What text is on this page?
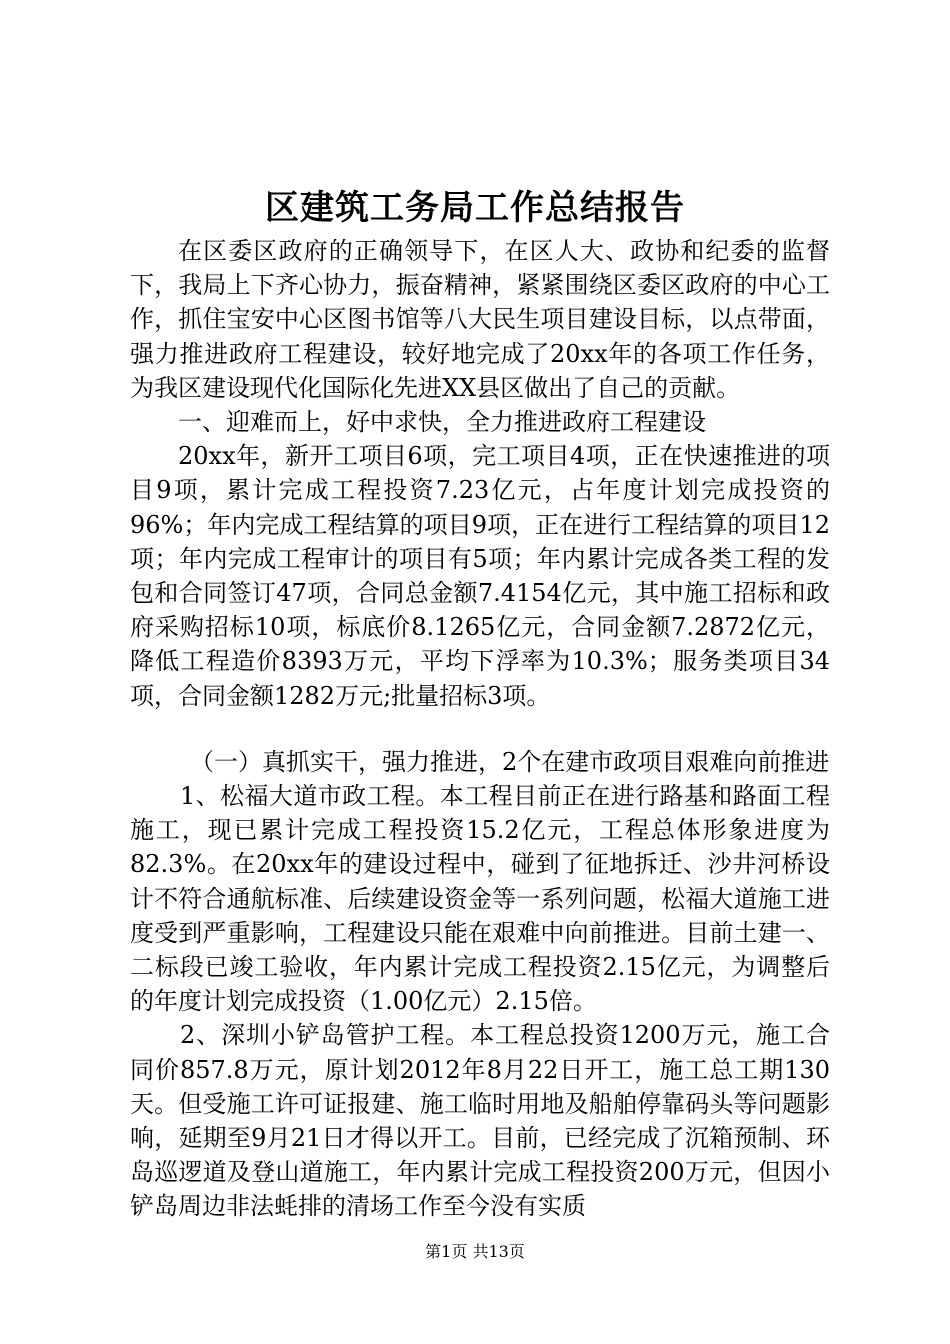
区建筑工务局工作总结报告

在区委区政府的正确领导下，在区人大、政协和纪委的监督下，我局上下齐心协力，振奋精神，紧紧围绕区委区政府的中心工作，抓住宝安中心区图书馆等八大民生项目建设目标，以点带面，强力推进政府工程建设，较好地完成了20xx年的各项工作任务，为我区建设现代化国际化先进XX县区做出了自己的贡献。

一、迎难而上，好中求快，全力推进政府工程建设

20xx年，新开工项目6项，完工项目4项，正在快速推进的项目9项，累计完成工程投资7.23亿元，占年度计划完成投资的96%；年内完成工程结算的项目9项，正在进行工程结算的项目12项；年内完成工程审计的项目有5项；年内累计完成各类工程的发包和合同签订47项，合同总金额7.4154亿元，其中施工招标和政府采购招标10项，标底价8.1265亿元，合同金额7.2872亿元，降低工程造价8393万元，平均下浮率为10.3%；服务类项目34项，合同金额1282万元;批量招标3项。

（一）真抓实干，强力推进，2个在建市政项目艰难向前推进

1、松福大道市政工程。本工程目前正在进行路基和路面工程施工，现已累计完成工程投资15.2亿元，工程总体形象进度为82.3%。在20xx年的建设过程中，碰到了征地拆迁、沙井河桥设计不符合通航标准、后续建设资金等一系列问题，松福大道施工进度受到严重影响，工程建设只能在艰难中向前推进。目前土建一、二标段已竣工验收，年内累计完成工程投资2.15亿元，为调整后的年度计划完成投资（1.00亿元）2.15倍。

2、深圳小铲岛管护工程。本工程总投资1200万元，施工合同价857.8万元，原计划2012年8月22日开工，施工总工期130天。但受施工许可证报建、施工临时用地及船舶停靠码头等问题影响，延期至9月21日才得以开工。目前，已经完成了沉箱预制、环岛巡逻道及登山道施工，年内累计完成工程投资200万元，但因小铲岛周边非法蚝排的清场工作至今没有实质

第1页 共13页
